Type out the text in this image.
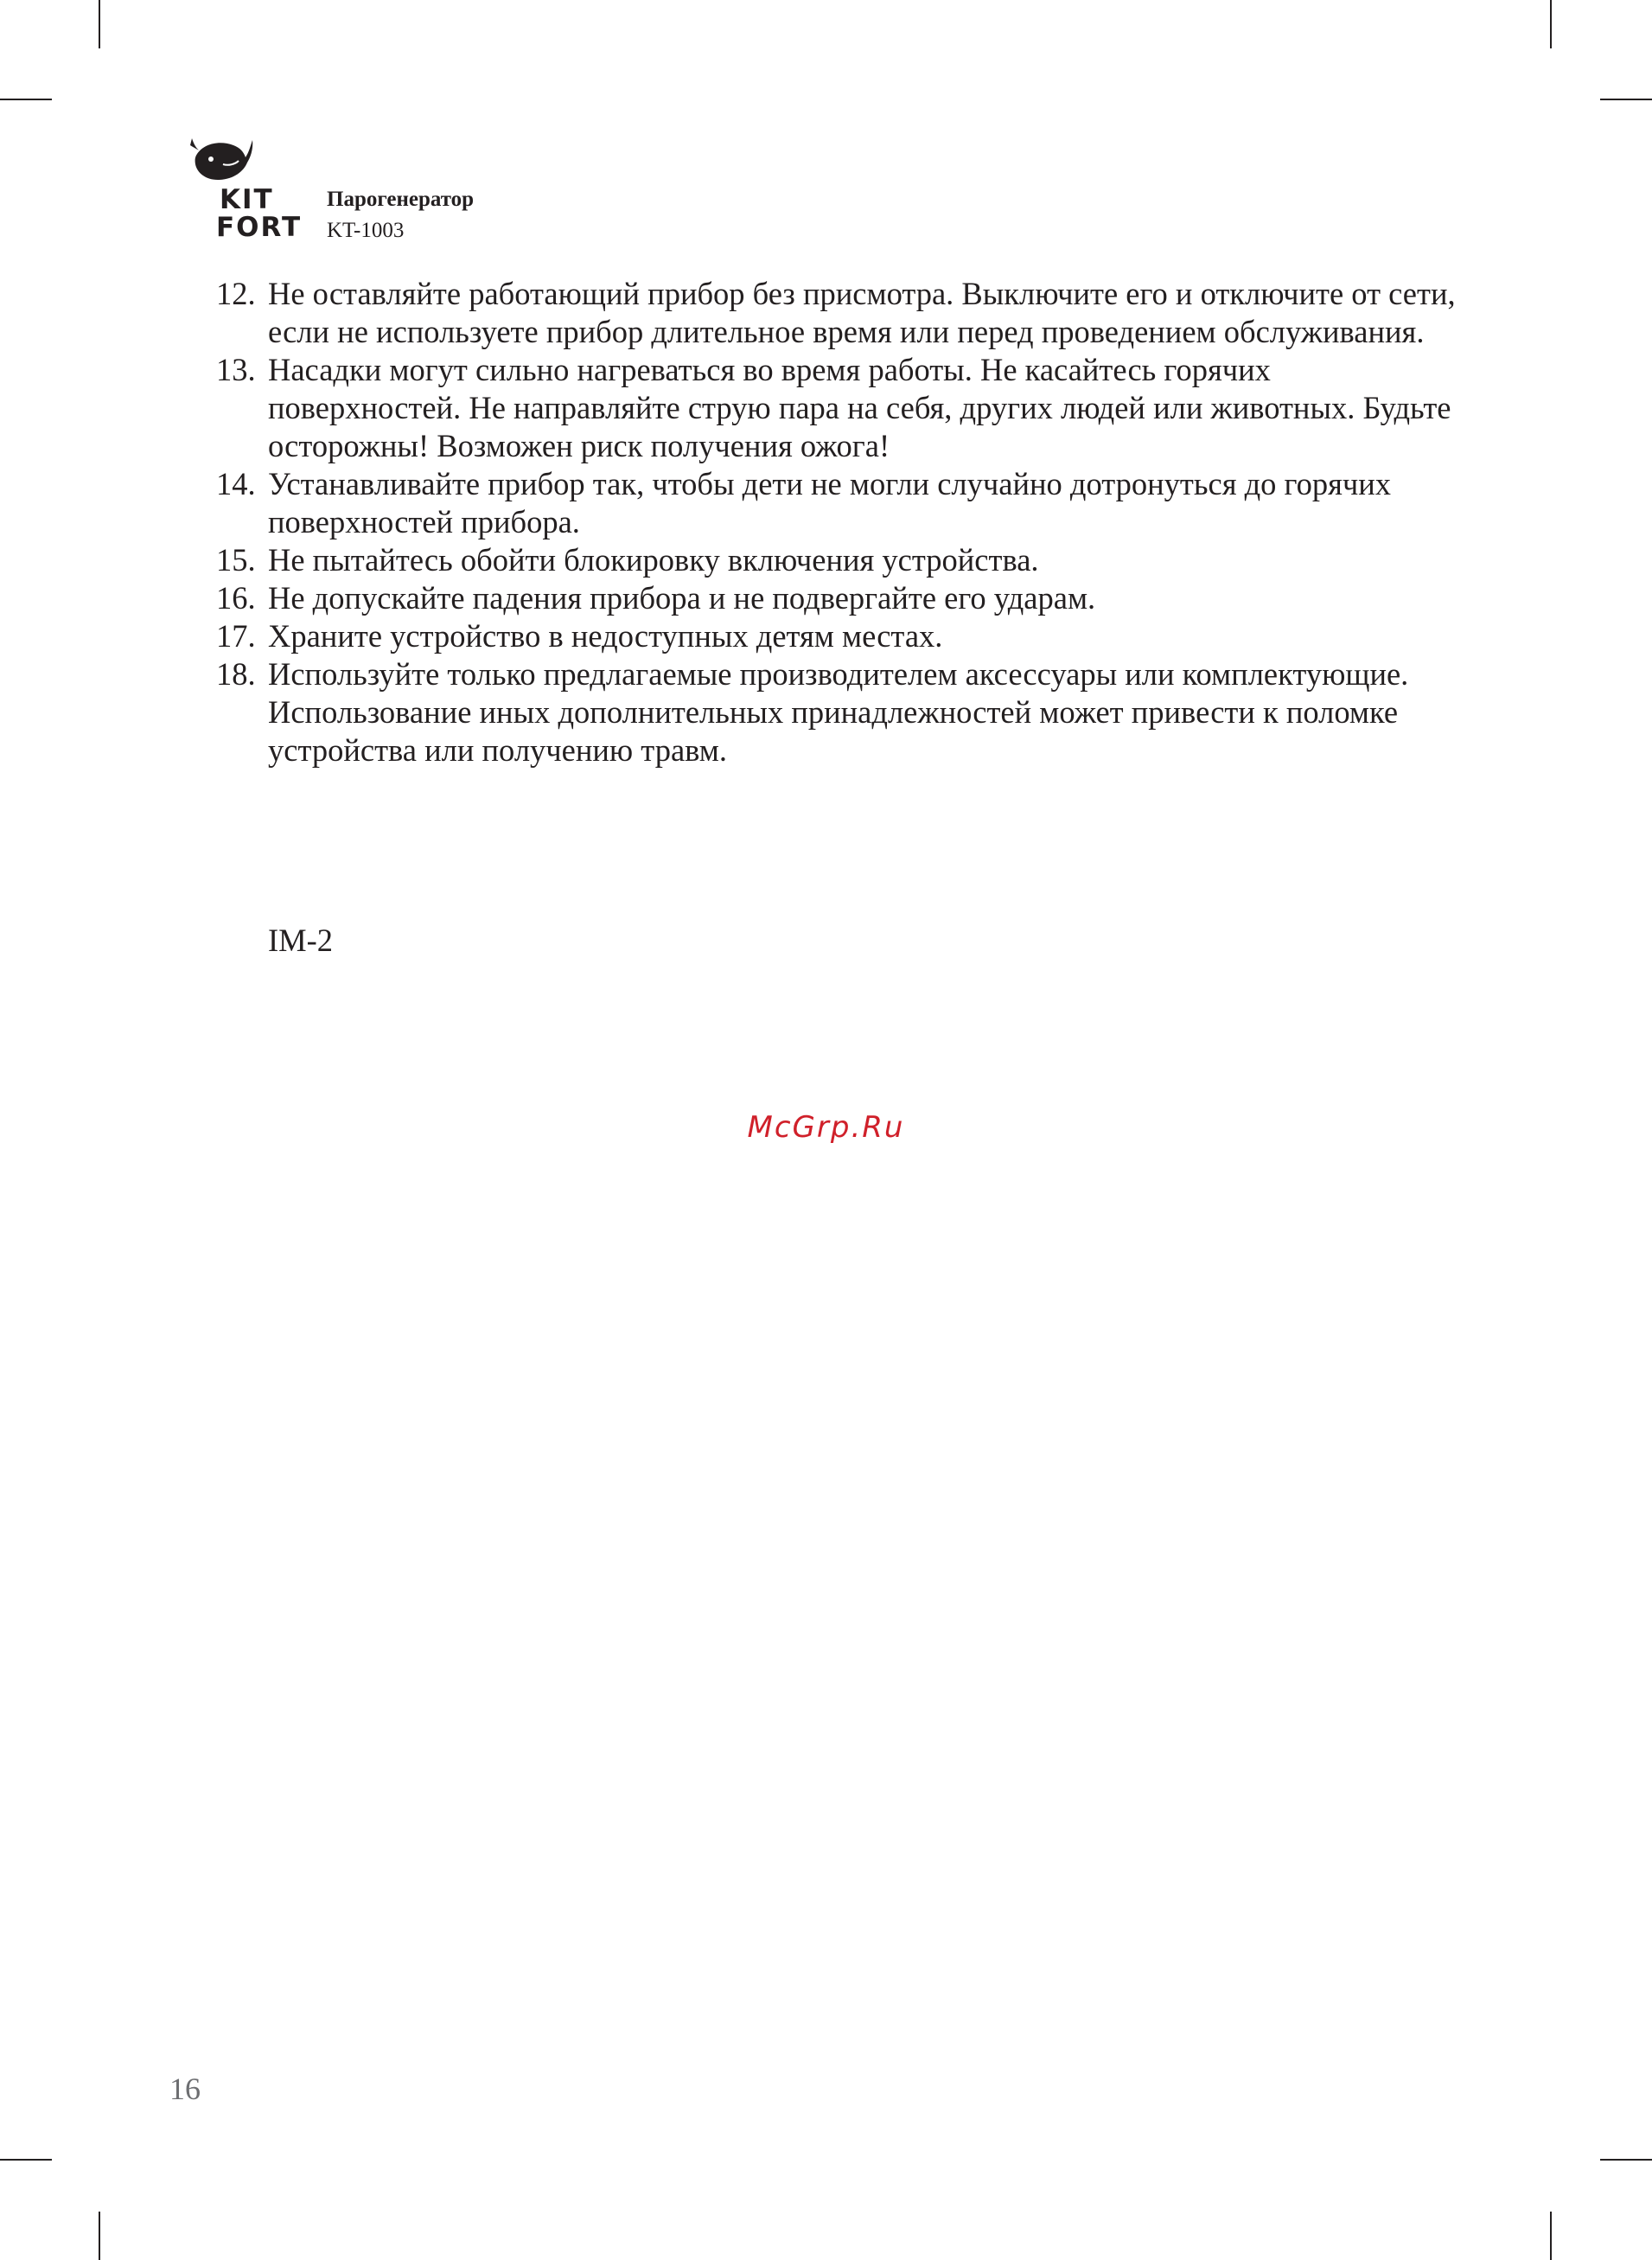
KIT
FORT
Парогенератор
KT-1003
12. Не оставляйте работающий прибор без присмотра. Выключите его и отключите от сети, если не используете прибор длительное время или перед проведением обслуживания.
13. Насадки могут сильно нагреваться во время работы. Не касайтесь горячих поверхностей. Не направляйте струю пара на себя, других людей или животных. Будьте осторожны! Возможен риск получения ожога!
14. Устанавливайте прибор так, чтобы дети не могли случайно дотронуться до горячих поверхностей прибора.
15. Не пытайтесь обойти блокировку включения устройства.
16. Не допускайте падения прибора и не подвергайте его ударам.
17. Храните устройство в недоступных детям местах.
18. Используйте только предлагаемые производителем аксессуары или комплектующие. Использование иных дополнительных принадлежностей может привести к поломке устройства или получению травм.
IM-2
McGrp.Ru
16
